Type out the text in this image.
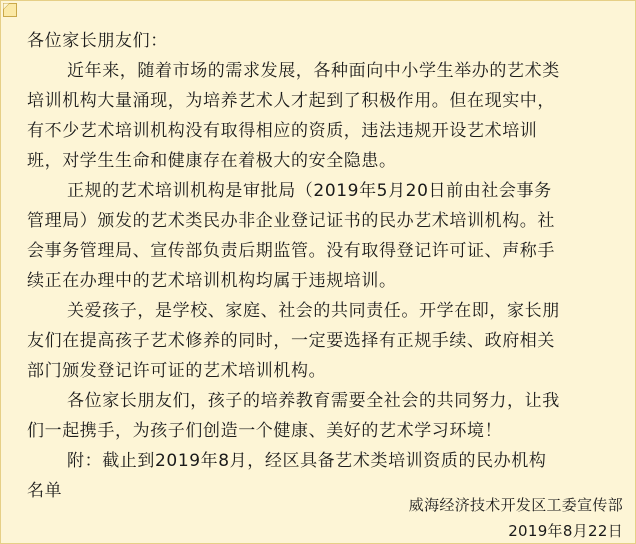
各位家长朋友们：
近年来，随着市场的需求发展，各种面向中小学生举办的艺术类
培训机构大量涌现，为培养艺术人才起到了积极作用。但在现实中，
有不少艺术培训机构没有取得相应的资质，违法违规开设艺术培训
班，对学生生命和健康存在着极大的安全隐患。
正规的艺术培训机构是审批局（2019年5月20日前由社会事务
管理局）颁发的艺术类民办非企业登记证书的民办艺术培训机构。社
会事务管理局、宣传部负责后期监管。没有取得登记许可证、声称手
续正在办理中的艺术培训机构均属于违规培训。
关爱孩子，是学校、家庭、社会的共同责任。开学在即，家长朋
友们在提高孩子艺术修养的同时，一定要选择有正规手续、政府相关
部门颁发登记许可证的艺术培训机构。
各位家长朋友们，孩子的培养教育需要全社会的共同努力，让我
们一起携手，为孩子们创造一个健康、美好的艺术学习环境！
附：截止到2019年8月，经区具备艺术类培训资质的民办机构
名单
威海经济技术开发区工委宣传部
2019年8月22日
